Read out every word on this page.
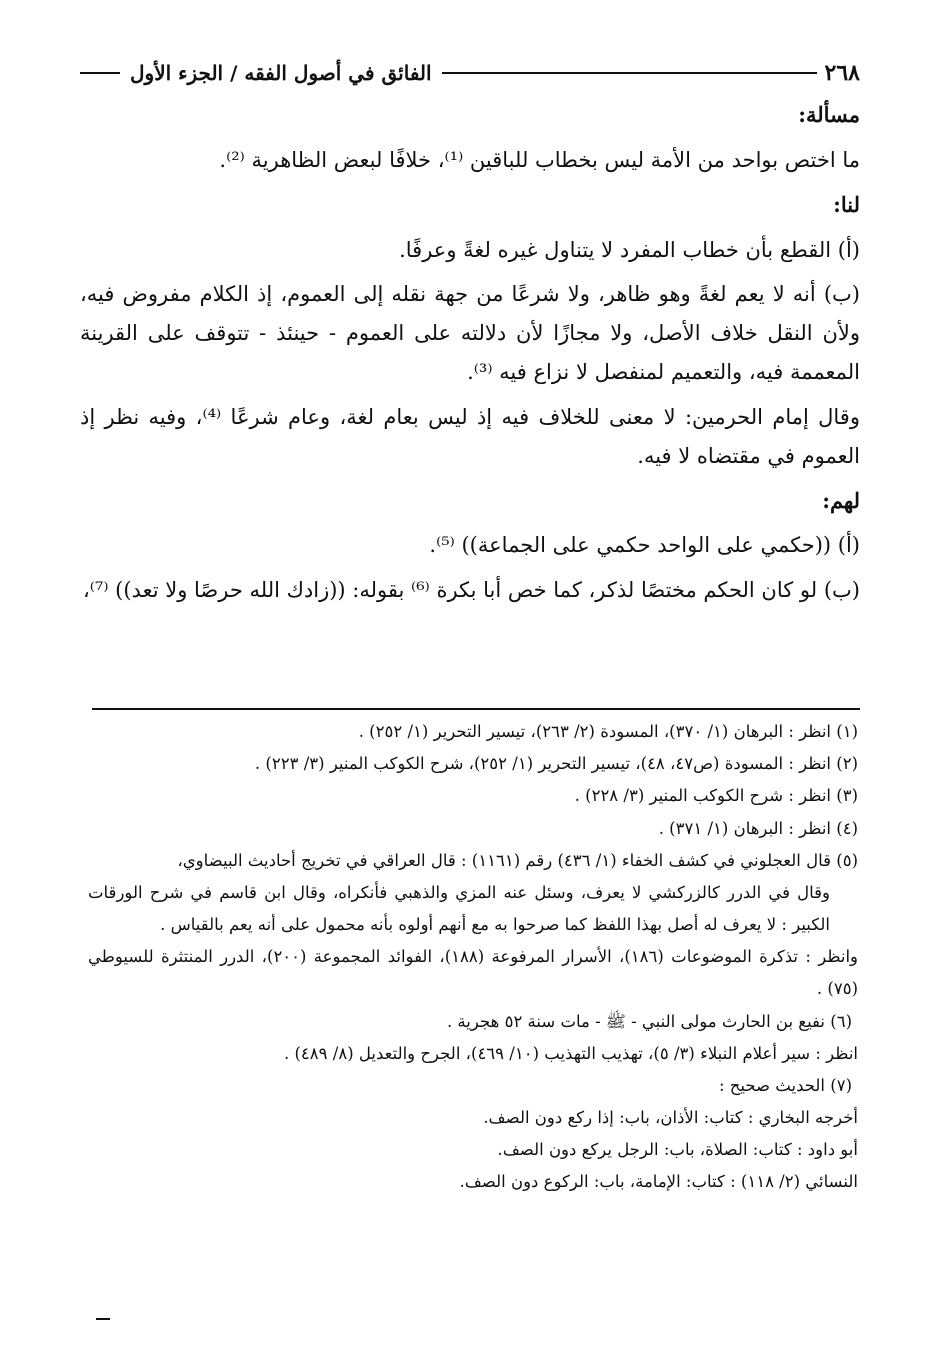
٢٦٨
الفائق في أصول الفقه / الجزء الأول

مسألة:

ما اختص بواحد من الأمة ليس بخطاب للباقين ⁽¹⁾، خلافًا لبعض الظاهرية ⁽²⁾.

لنا:

(أ) القطع بأن خطاب المفرد لا يتناول غيره لغةً وعرفًا.

(ب) أنه لا يعم لغةً وهو ظاهر، ولا شرعًا من جهة نقله إلى العموم، إذ الكلام مفروض فيه، ولأن النقل خلاف الأصل، ولا مجازًا لأن دلالته على العموم - حينئذ - تتوقف على القرينة المعممة فيه، والتعميم لمنفصل لا نزاع فيه ⁽³⁾.

وقال إمام الحرمين: لا معنى للخلاف فيه إذ ليس بعام لغة، وعام شرعًا ⁽⁴⁾، وفيه نظر إذ العموم في مقتضاه لا فيه.

لهم:

(أ) ((حكمي على الواحد حكمي على الجماعة)) ⁽⁵⁾.

(ب) لو كان الحكم مختصًا لذكر، كما خص أبا بكرة ⁽⁶⁾ بقوله: ((زادك الله حرصًا ولا تعد)) ⁽⁷⁾،

(١) انظر : البرهان (١/ ٣٧٠)، المسودة (٢/ ٢٦٣)، تيسير التحرير (١/ ٢٥٢) .

(٢) انظر : المسودة (ص٤٧، ٤٨)، تيسير التحرير (١/ ٢٥٢)، شرح الكوكب المنير (٣/ ٢٢٣) .

(٣) انظر : شرح الكوكب المنير (٣/ ٢٢٨) .

(٤) انظر : البرهان (١/ ٣٧١) .

(٥) قال العجلوني في كشف الخفاء (١/ ٤٣٦) رقم (١١٦١) : قال العراقي في تخريج أحاديث البيضاوي،

وقال في الدرر كالزركشي لا يعرف، وسئل عنه المزي والذهبي فأنكراه، وقال ابن قاسم في شرح الورقات الكبير : لا يعرف له أصل بهذا اللفظ كما صرحوا به مع أنهم أولوه بأنه محمول على أنه يعم بالقياس .

وانظر : تذكرة الموضوعات (١٨٦)، الأسرار المرفوعة (١٨٨)، الفوائد المجموعة (٢٠٠)، الدرر المنتثرة للسيوطي (٧٥) .

(٦) نفيع بن الحارث مولى النبي - ﷺ - مات سنة ٥٢ هجرية .

انظر : سير أعلام النبلاء (٣/ ٥)، تهذيب التهذيب (١٠/ ٤٦٩)، الجرح والتعديل (٨/ ٤٨٩) .

(٧) الحديث صحيح :

أخرجه البخاري : كتاب: الأذان، باب: إذا ركع دون الصف.

أبو داود : كتاب: الصلاة، باب: الرجل يركع دون الصف.

النسائي (٢/ ١١٨) : كتاب: الإمامة، باب: الركوع دون الصف.
